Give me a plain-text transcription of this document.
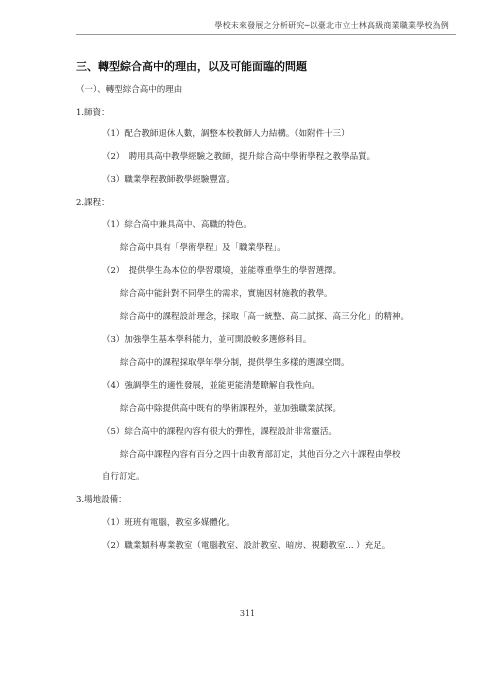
學校未來發展之分析研究─以臺北市立士林高級商業職業學校為例
三、轉型綜合高中的理由，以及可能面臨的問題
（一）、轉型綜合高中的理由
1.師資：
（1）配合教師退休人數，調整本校教師人力結構。（如附件十三）
（2）　聘用具高中教學經驗之教師，提升綜合高中學術學程之教學品質。
（3）職業學程教師教學經驗豐富。
2.課程：
（1）綜合高中兼具高中、高職的特色。
綜合高中具有「學術學程」及「職業學程」。
（2）　提供學生為本位的學習環境，並能尊重學生的學習選擇。
綜合高中能針對不同學生的需求，實施因材施教的教學。
綜合高中的課程設計理念，採取「高一統整、高二試探、高三分化」的精神。
（3）加強學生基本學科能力，並可開設較多選修科目。
綜合高中的課程採取學年學分制，提供學生多樣的選課空間。
（4）強調學生的適性發展，並能更能清楚瞭解自我性向。
綜合高中除提供高中既有的學術課程外，並加強職業試探。
（5）綜合高中的課程內容有很大的彈性，課程設計非常靈活。
綜合高中課程內容有百分之四十由教育部訂定，其他百分之六十課程由學校
自行訂定。
3.場地設備：
（1）班班有電腦，教室多媒體化。
（2）職業類科專業教室（電腦教室、設計教室、暗房、視聽教室... ）充足。
311
